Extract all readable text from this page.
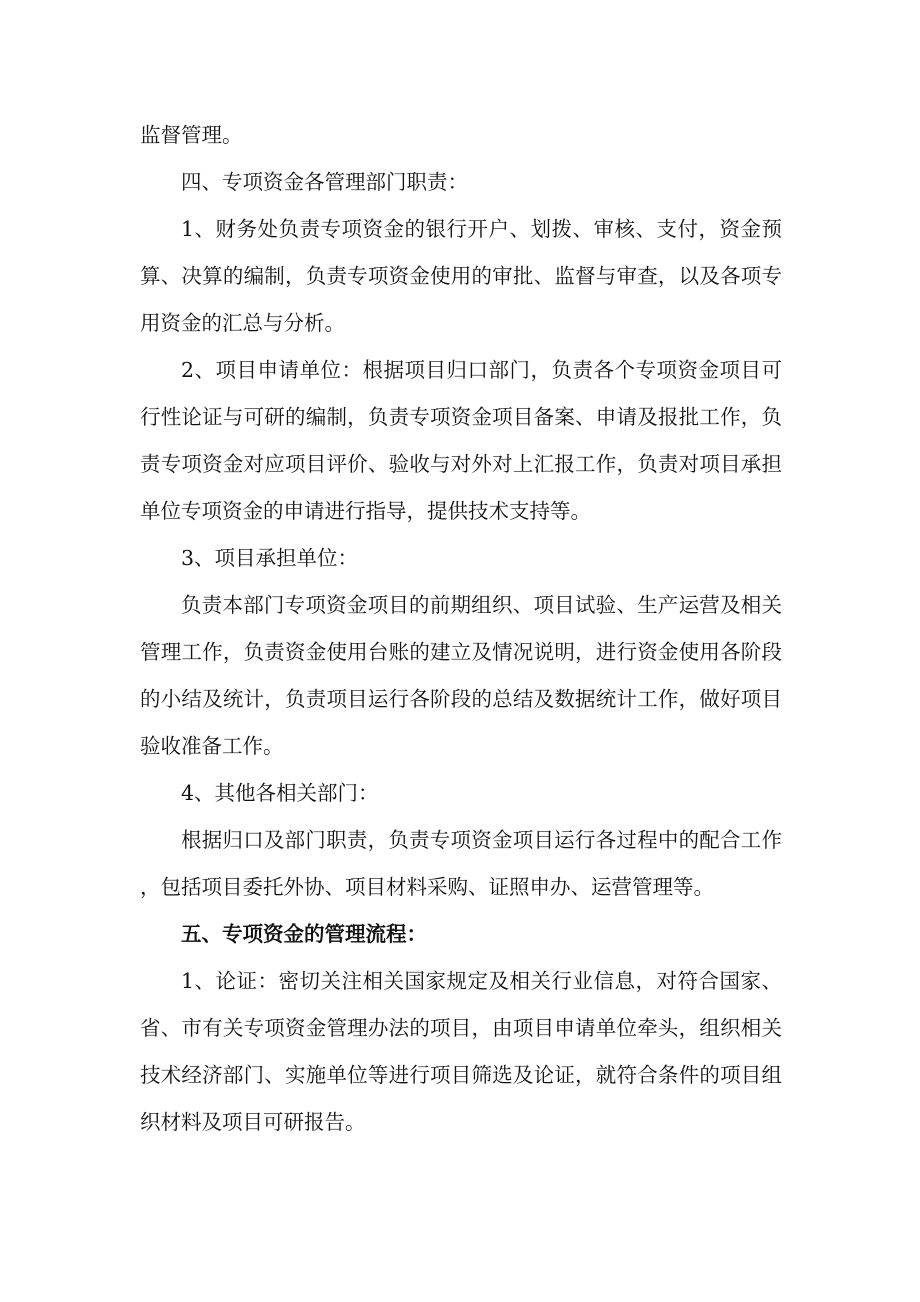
监督管理。

四、专项资金各管理部门职责：

1、财务处负责专项资金的银行开户、划拨、审核、支付，资金预算、决算的编制，负责专项资金使用的审批、监督与审查，以及各项专用资金的汇总与分析。

2、项目申请单位：根据项目归口部门，负责各个专项资金项目可行性论证与可研的编制，负责专项资金项目备案、申请及报批工作，负责专项资金对应项目评价、验收与对外对上汇报工作，负责对项目承担单位专项资金的申请进行指导，提供技术支持等。

3、项目承担单位：

负责本部门专项资金项目的前期组织、项目试验、生产运营及相关管理工作，负责资金使用台账的建立及情况说明，进行资金使用各阶段的小结及统计，负责项目运行各阶段的总结及数据统计工作，做好项目验收准备工作。

4、其他各相关部门：

根据归口及部门职责，负责专项资金项目运行各过程中的配合工作，包括项目委托外协、项目材料采购、证照申办、运营管理等。

五、专项资金的管理流程：

1、论证：密切关注相关国家规定及相关行业信息，对符合国家、省、市有关专项资金管理办法的项目，由项目申请单位牵头，组织相关技术经济部门、实施单位等进行项目筛选及论证，就符合条件的项目组织材料及项目可研报告。
